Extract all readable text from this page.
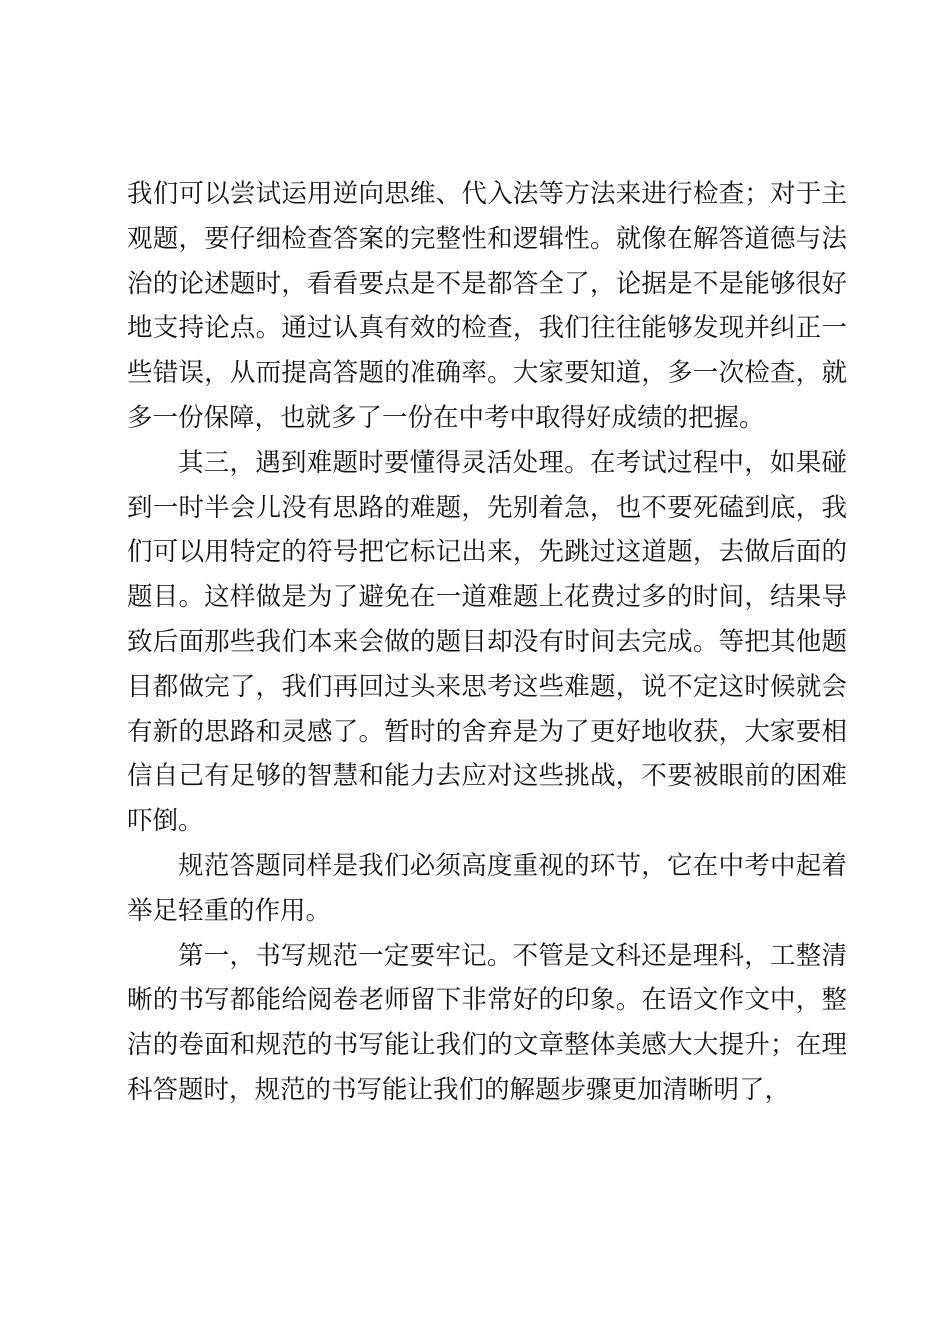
我们可以尝试运用逆向思维、代入法等方法来进行检查；对于主观题，要仔细检查答案的完整性和逻辑性。就像在解答道德与法治的论述题时，看看要点是不是都答全了，论据是不是能够很好地支持论点。通过认真有效的检查，我们往往能够发现并纠正一些错误，从而提高答题的准确率。大家要知道，多一次检查，就多一份保障，也就多了一份在中考中取得好成绩的把握。

其三，遇到难题时要懂得灵活处理。在考试过程中，如果碰到一时半会儿没有思路的难题，先别着急，也不要死磕到底，我们可以用特定的符号把它标记出来，先跳过这道题，去做后面的题目。这样做是为了避免在一道难题上花费过多的时间，结果导致后面那些我们本来会做的题目却没有时间去完成。等把其他题目都做完了，我们再回过头来思考这些难题，说不定这时候就会有新的思路和灵感了。暂时的舍弃是为了更好地收获，大家要相信自己有足够的智慧和能力去应对这些挑战，不要被眼前的困难吓倒。

规范答题同样是我们必须高度重视的环节，它在中考中起着举足轻重的作用。

第一，书写规范一定要牢记。不管是文科还是理科，工整清晰的书写都能给阅卷老师留下非常好的印象。在语文作文中，整洁的卷面和规范的书写能让我们的文章整体美感大大提升；在理科答题时，规范的书写能让我们的解题步骤更加清晰明了，
